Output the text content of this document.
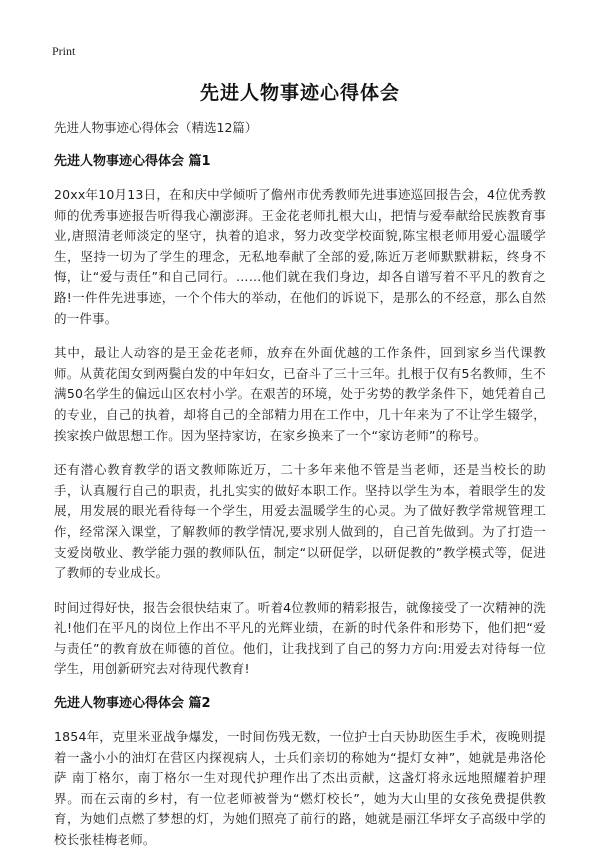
Print
先进人物事迹心得体会
先进人物事迹心得体会（精选12篇）
先进人物事迹心得体会 篇1

20xx年10月13日，在和庆中学倾听了儋州市优秀教师先进事迹巡回报告会，4位优秀教师的优秀事迹报告听得我心潮澎湃。王金花老师扎根大山，把情与爱奉献给民族教育事业,唐照清老师淡定的坚守，执着的追求，努力改变学校面貌,陈宝根老师用爱心温暖学生，坚持一切为了学生的理念，无私地奉献了全部的爱,陈近万老师默默耕耘，终身不悔，让“爱与责任”和自己同行。……他们就在我们身边，却各自谱写着不平凡的教育之路!一件件先进事迹，一个个伟大的举动，在他们的诉说下，是那么的不经意，那么自然的一件事。

其中，最让人动容的是王金花老师，放弃在外面优越的工作条件，回到家乡当代课教师。从黄花闺女到两鬓白发的中年妇女，已奋斗了三十三年。扎根于仅有5名教师，生不满50名学生的偏远山区农村小学。在艰苦的环境，处于劣势的教学条件下，她凭着自己的专业，自己的执着，却将自己的全部精力用在工作中，几十年来为了不让学生辍学，挨家挨户做思想工作。因为坚持家访，在家乡换来了一个“家访老师”的称号。

还有潜心教育教学的语文教师陈近万，二十多年来他不管是当老师，还是当校长的助手，认真履行自己的职责，扎扎实实的做好本职工作。坚持以学生为本，着眼学生的发展，用发展的眼光看待每一个学生，用爱去温暖学生的心灵。为了做好教学常规管理工作，经常深入课堂，了解教师的教学情况,要求别人做到的，自己首先做到。为了打造一支爱岗敬业、教学能力强的教师队伍，制定“以研促学，以研促教的”教学模式等，促进了教师的专业成长。

时间过得好快，报告会很快结束了。听着4位教师的精彩报告，就像接受了一次精神的洗礼!他们在平凡的岗位上作出不平凡的光辉业绩，在新的时代条件和形势下，他们把“爱与责任”的教育放在师德的首位。他们，让我找到了自己的努力方向:用爱去对待每一位学生，用创新研究去对待现代教育!

先进人物事迹心得体会 篇2

1854年，克里米亚战争爆发，一时间伤残无数，一位护士白天协助医生手术，夜晚则提着一盏小小的油灯在营区内探视病人，士兵们亲切的称她为“提灯女神”，她就是弗洛伦萨 南丁格尔，南丁格尔一生对现代护理作出了杰出贡献，这盏灯将永远地照耀着护理界。而在云南的乡村，有一位老师被誉为“燃灯校长”，她为大山里的女孩免费提供教育，为她们点燃了梦想的灯，为她们照亮了前行的路，她就是丽江华坪女子高级中学的校长张桂梅老师。
